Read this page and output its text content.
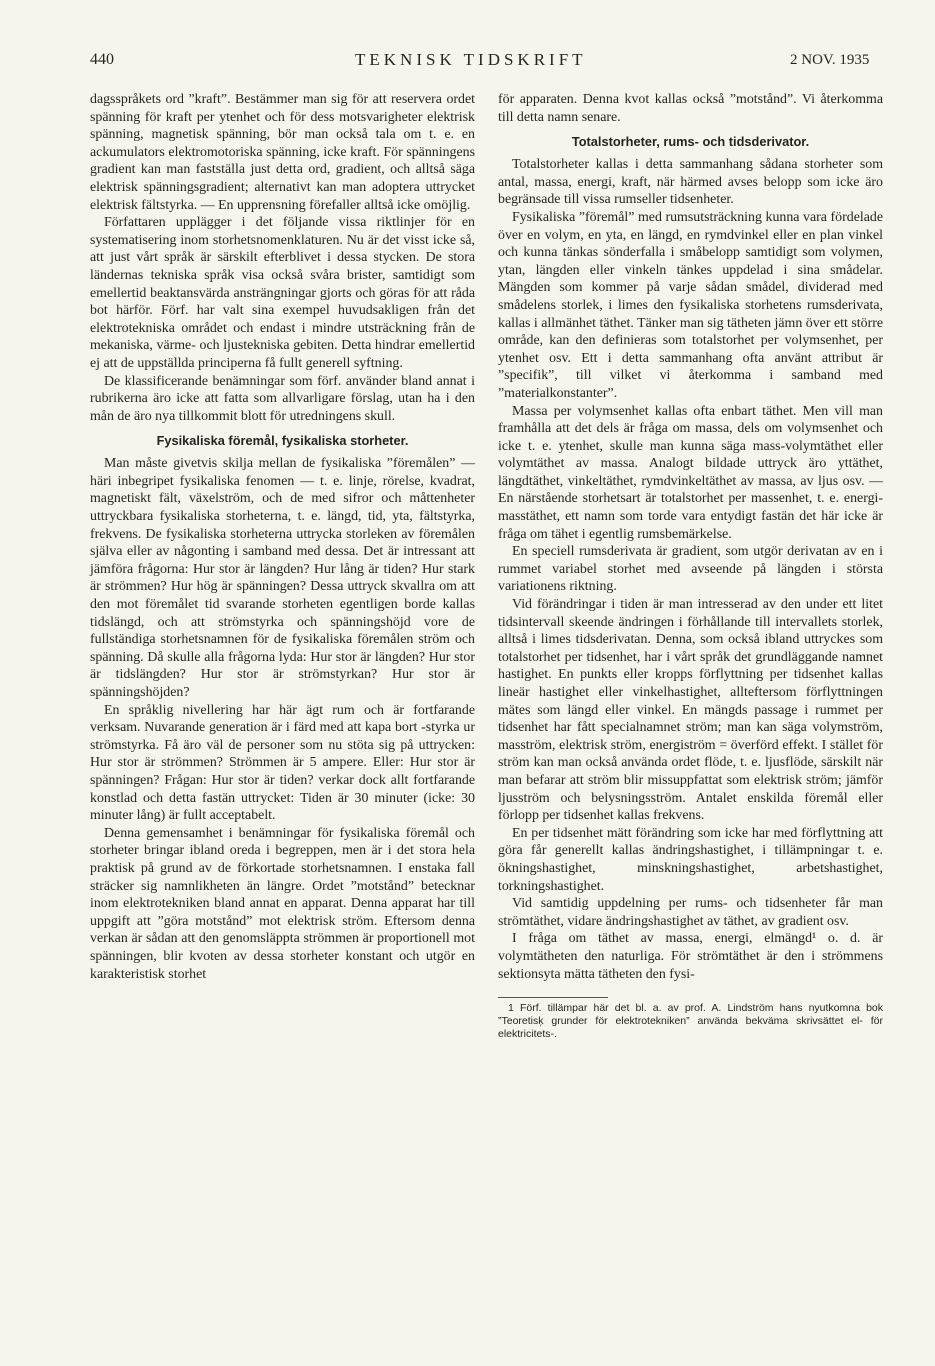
440	TEKNISK TIDSKRIFT	2 NOV. 1935

dagsspråkets ord ”kraft”. Bestämmer man sig för att reservera ordet spänning för kraft per ytenhet och för dess motsvarigheter elektrisk spänning, magnetisk spänning, bör man också tala om t. e. en ackumulators elektromotoriska spänning, icke kraft. För spänningens gradient kan man fastställa just detta ord, gradient, och alltså säga elektrisk spänningsgradient; alternativt kan man adoptera uttrycket elektrisk fältstyrka. — En upprensning förefaller alltså icke omöjlig.

Författaren upplägger i det följande vissa riktlinjer för en systematisering inom storhetsnomenklaturen. Nu är det visst icke så, att just vårt språk är särskilt efterblivet i dessa stycken. De stora ländernas tekniska språk visa också svåra brister, samtidigt som emellertid beaktansvärda ansträngningar gjorts och göras för att råda bot härför. Förf. har valt sina exempel huvudsakligen från det elektrotekniska området och endast i mindre utsträckning från de mekaniska, värme- och ljustekniska gebiten. Detta hindrar emellertid ej att de uppställda principerna få fullt generell syftning.

De klassificerande benämningar som förf. använder bland annat i rubrikerna äro icke att fatta som allvarligare förslag, utan ha i den mån de äro nya tillkommit blott för utredningens skull.

Fysikaliska föremål, fysikaliska storheter.

Man måste givetvis skilja mellan de fysikaliska ”föremålen” — häri inbegripet fysikaliska fenomen — t. e. linje, rörelse, kvadrat, magnetiskt fält, växelström, och de med sifror och måttenheter uttryckbara fysikaliska storheterna, t. e. längd, tid, yta, fältstyrka, frekvens. De fysikaliska storheterna uttrycka storleken av föremålen själva eller av någonting i samband med dessa. Det är intressant att jämföra frågorna: Hur stor är längden? Hur lång är tiden? Hur stark är strömmen? Hur hög är spänningen? Dessa uttryck skvallra om att den mot föremålet tid svarande storheten egentligen borde kallas tidslängd, och att strömstyrka och spänningshöjd vore de fullständiga storhetsnamnen för de fysikaliska föremålen ström och spänning. Då skulle alla frågorna lyda: Hur stor är längden? Hur stor är tidslängden? Hur stor är strömstyrkan? Hur stor är spänningshöjden?

En språklig nivellering har här ägt rum och är fortfarande verksam. Nuvarande generation är i färd med att kapa bort -styrka ur strömstyrka. Få äro väl de personer som nu stöta sig på uttrycken: Hur stor är strömmen? Strömmen är 5 ampere. Eller: Hur stor är spänningen? Frågan: Hur stor är tiden? verkar dock allt fortfarande konstlad och detta fastän uttrycket: Tiden är 30 minuter (icke: 30 minuter lång) är fullt acceptabelt.

Denna gemensamhet i benämningar för fysikaliska föremål och storheter bringar ibland oreda i begreppen, men är i det stora hela praktisk på grund av de förkortade storhetsnamnen. I enstaka fall sträcker sig namnlikheten än längre. Ordet ”motstånd” betecknar inom elektrotekniken bland annat en apparat. Denna apparat har till uppgift att ”göra motstånd” mot elektrisk ström. Eftersom denna verkan är sådan att den genomsläppta strömmen är proportionell mot spänningen, blir kvoten av dessa storheter konstant och utgör en karakteristisk storhet

för apparaten. Denna kvot kallas också ”motstånd”. Vi återkomma till detta namn senare.

Totalstorheter, rums- och tidsderivator.

Totalstorheter kallas i detta sammanhang sådana storheter som antal, massa, energi, kraft, när härmed avses belopp som icke äro begränsade till vissa rumseller tidsenheter.

Fysikaliska ”föremål” med rumsutsträckning kunna vara fördelade över en volym, en yta, en längd, en rymdvinkel eller en plan vinkel och kunna tänkas sönderfalla i småbelopp samtidigt som volymen, ytan, längden eller vinkeln tänkes uppdelad i sina smådelar. Mängden som kommer på varje sådan smådel, dividerad med smådelens storlek, i limes den fysikaliska storhetens rumsderivata, kallas i allmänhet täthet. Tänker man sig tätheten jämn över ett större område, kan den definieras som totalstorhet per volymsenhet, per ytenhet osv. Ett i detta sammanhang ofta använt attribut är ”specifik”, till vilket vi återkomma i samband med ”materialkonstanter”.

Massa per volymsenhet kallas ofta enbart täthet. Men vill man framhålla att det dels är fråga om massa, dels om volymsenhet och icke t. e. ytenhet, skulle man kunna säga mass-volymtäthet eller volymtäthet av massa. Analogt bildade uttryck äro yttäthet, längdtäthet, vinkeltäthet, rymdvinkeltäthet av massa, av ljus osv. — En närstående storhetsart är totalstorhet per massenhet, t. e. energi-masstäthet, ett namn som torde vara entydigt fastän det här icke är fråga om tähet i egentlig rumsbemärkelse.

En speciell rumsderivata är gradient, som utgör derivatan av en i rummet variabel storhet med avseende på längden i största variationens riktning.

Vid förändringar i tiden är man intresserad av den under ett litet tidsintervall skeende ändringen i förhållande till intervallets storlek, alltså i limes tidsderivatan. Denna, som också ibland uttryckes som totalstorhet per tidsenhet, har i vårt språk det grundläggande namnet hastighet. En punkts eller kropps förflyttning per tidsenhet kallas lineär hastighet eller vinkelhastighet, allteftersom förflyttningen mätes som längd eller vinkel. En mängds passage i rummet per tidsenhet har fått specialnamnet ström; man kan säga volymström, masström, elektrisk ström, energiström = överförd effekt. I stället för ström kan man också använda ordet flöde, t. e. ljusflöde, särskilt när man befarar att ström blir missuppfattat som elektrisk ström; jämför ljusström och belysningsström. Antalet enskilda föremål eller förlopp per tidsenhet kallas frekvens.

En per tidsenhet mätt förändring som icke har med förflyttning att göra får generellt kallas ändringshastighet, i tillämpningar t. e. ökningshastighet, minskningshastighet, arbetshastighet, torkningshastighet.

Vid samtidig uppdelning per rums- och tidsenheter får man strömtäthet, vidare ändringshastighet av täthet, av gradient osv.

I fråga om täthet av massa, energi, elmängd¹ o. d. är volymtätheten den naturliga. För strömtäthet är den i strömmens sektionsyta mätta tätheten den fysi-

1 Förf. tillämpar här det bl. a. av prof. A. Lindström hans nyutkomna bok ”Teoretisk᷊ grunder för elektrotekniken” använda bekväma skrivsättet el- för elektricitets-.
